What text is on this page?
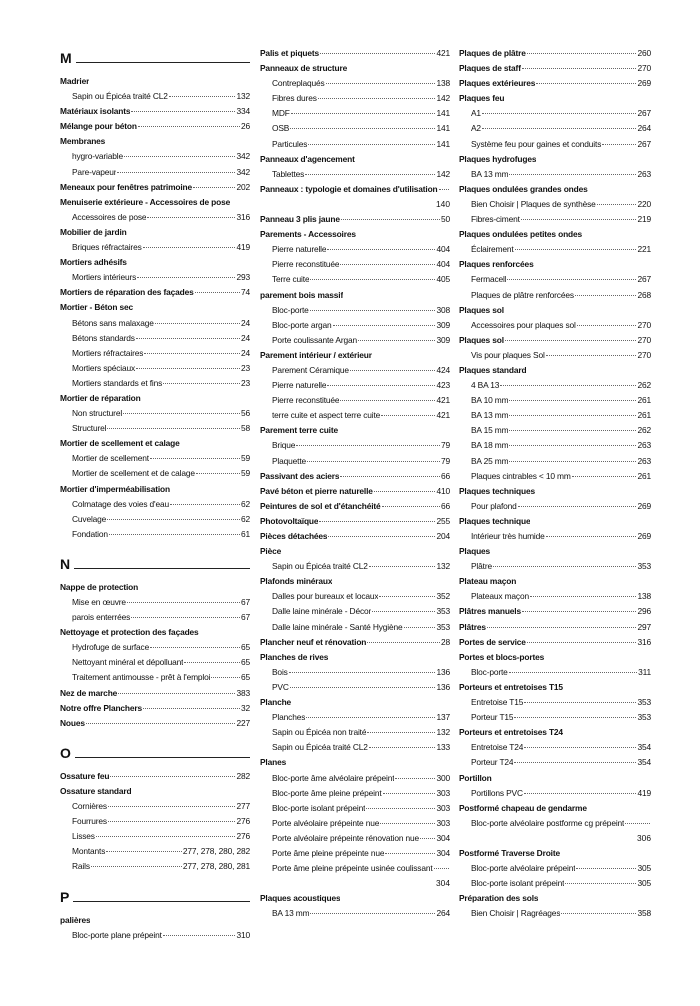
M
Madrier
Sapin ou Épicéa traité CL2	132
Matériaux isolants	334
Mélange pour béton	26
Membranes
hygro-variable	342
Pare-vapeur	342
Meneaux pour fenêtres patrimoine	202
Menuiserie extérieure - Accessoires de pose
Accessoires de pose	316
Mobilier de jardin
Briques réfractaires	419
Mortiers adhésifs
Mortiers intérieurs	293
Mortiers de réparation des façades	74
Mortier - Béton sec
Bétons sans malaxage	24
Bétons standards	24
Mortiers réfractaires	24
Mortiers spéciaux	23
Mortiers standards et fins	23
Mortier de réparation
Non structurel	56
Structurel	58
Mortier de scellement et calage
Mortier de scellement	59
Mortier de scellement et de calage	59
Mortier d'imperméabilisation
Colmatage des voies d'eau	62
Cuvelage	62
Fondation	61
N
Nappe de protection
Mise en œuvre	67
parois enterrées	67
Nettoyage et protection des façades
Hydrofuge de surface	65
Nettoyant minéral et dépolluant	65
Traitement antimousse - prêt à l'emploi	65
Nez de marche	383
Notre offre Planchers	32
Noues	227
O
Ossature feu	282
Ossature standard
Cornières	277
Fourrures	276
Lisses	276
Montants	277, 278, 280, 282
Rails	277, 278, 280, 281
P
palières
Bloc-porte plane prépeint	310
Palis et piquets	421
Panneaux de structure
Contreplaqués	138
Fibres dures	142
MDF	141
OSB	141
Particules	141
Panneaux d'agencement
Tablettes	142
Panneaux : typologie et domaines d'utilisation
140
Panneau 3 plis jaune	50
Parements - Accessoires
Pierre naturelle	404
Pierre reconstituée	404
Terre cuite	405
parement bois massif
Bloc-porte	308
Bloc-porte argan	309
Porte coulissante Argan	309
Parement intérieur / extérieur
Parement Céramique	424
Pierre naturelle	423
Pierre reconstituée	421
terre cuite et aspect terre cuite	421
Parement terre cuite
Brique	79
Plaquette	79
Passivant des aciers	66
Pavé béton et pierre naturelle	410
Peintures de sol et d'étanchéité	66
Photovoltaïque	255
Pièces détachées	204
Pièce
Sapin ou Épicéa traité CL2	132
Plafonds minéraux
Dalles pour bureaux et locaux	352
Dalle laine minérale - Décor	353
Dalle laine minérale - Santé Hygiène	353
Plancher neuf et rénovation	28
Planches de rives
Bois	136
PVC	136
Planche
Planches	137
Sapin ou Épicéa non traité	132
Sapin ou Épicéa traité CL2	133
Planes
Bloc-porte âme alvéolaire prépeint	300
Bloc-porte âme pleine prépeint	303
Bloc-porte isolant prépeint	303
Porte alvéolaire prépeinte nue	303
Porte alvéolaire prépeinte rénovation nue 304
Porte âme pleine prépeinte nue	304
Porte âme pleine prépeinte usinée coulissant
304
Plaques acoustiques
BA 13 mm	264
Plaques de plâtre	260
Plaques de staff	270
Plaques extérieures	269
Plaques feu
A1	267
A2	264
Système feu pour gaines et conduits	267
Plaques hydrofuges
BA 13 mm	263
Plaques ondulées grandes ondes
Bien Choisir | Plaques de synthèse	220
Fibres-ciment	219
Plaques ondulées petites ondes
Éclairement	221
Plaques renforcées
Fermacell	267
Plaques de plâtre renforcées	268
Plaques sol
Accessoires pour plaques sol	270
Plaques sol	270
Vis pour plaques Sol	270
Plaques standard
4 BA 13	262
BA 10 mm	261
BA 13 mm	261
BA 15 mm	262
BA 18 mm	263
BA 25 mm	263
Plaques cintrables < 10 mm	261
Plaques techniques
Pour plafond	269
Plaques technique
Intérieur très humide	269
Plaques
Plâtre	353
Plateau maçon
Plateaux maçon	138
Plâtres manuels	296
Plâtres	297
Portes de service	316
Portes et blocs-portes
Bloc-porte	311
Porteurs et entretoises T15
Entretoise T15	353
Porteur T15	353
Porteurs et entretoises T24
Entretoise T24	354
Porteur T24	354
Portillon
Portillons PVC	419
Postformé chapeau de gendarme
Bloc-porte alvéolaire postforme cg prépeint
306
Postformé Traverse Droite
Bloc-porte alvéolaire prépeint	305
Bloc-porte isolant prépeint	305
Préparation des sols
Bien Choisir | Ragréages	358
